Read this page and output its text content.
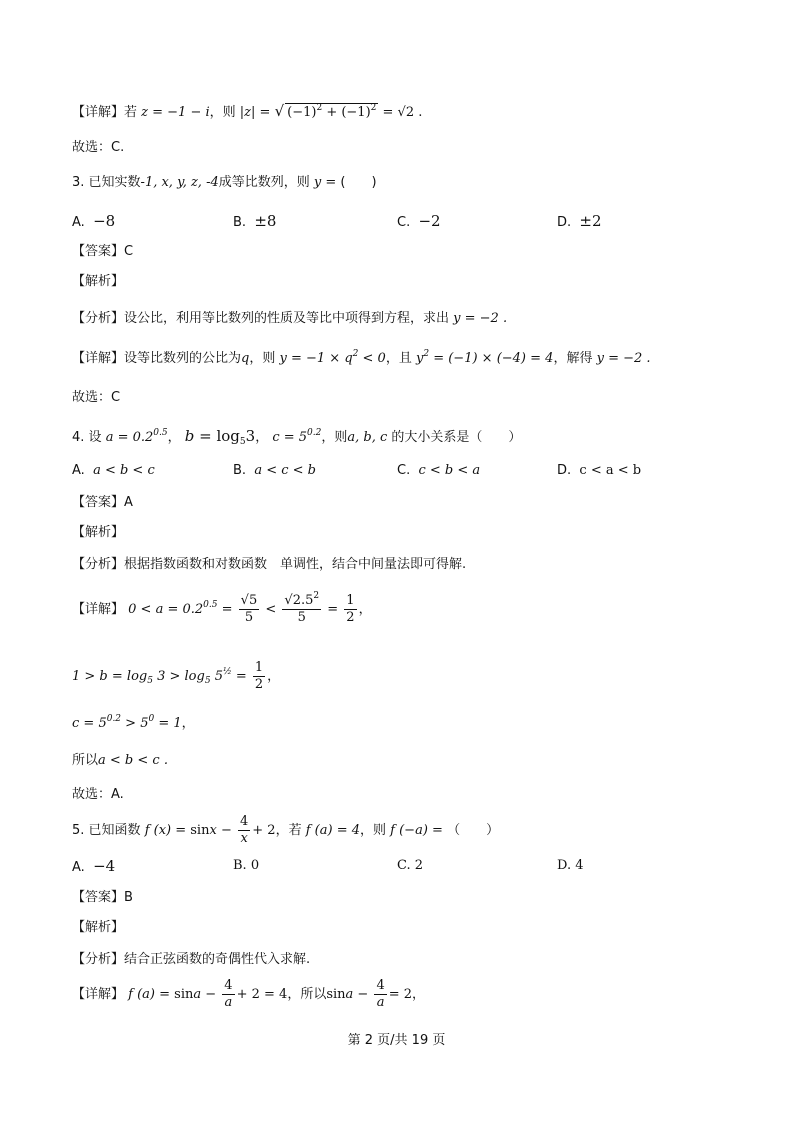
【详解】若 z = −1 − i，则 |z| = √ $(-1)^2 + (-1)^2 = √2$ .
故选：C.
3. 已知实数-1, x, y, z, -4成等比数列，则 y = (　　)
A. −8	B. ±8	C. −2	D. ±2
【答案】C
【解析】
【分析】设公比，利用等比数列的性质及等比中项得到方程，求出 y = −2 .
【详解】设等比数列的公比为q，则 $y = -1 \times q^2 < 0$，且 $y^2 = (-1) \times (-4) = 4$，解得 y = −2 .
故选：C
4. 设 $a = 0.2^{0.5}$， $b = \log_53$， $c = 5^{0.2}$，则a, b, c 的大小关系是（　　）
A. a < b < c	B. a < c < b	C. c < b < a	D. c < a < b
【答案】A
【解析】
【分析】根据指数函数和对数函数　单调性，结合中间量法即可得解.
【详解】 $0 < a = 0.2^{0.5} = \frac{√5}{5} < \frac{√2.5^2}{5} = \frac{1}{2}$ ，
$1 > b = \log_5 3 > \log_5 5^{\frac{1}{2}} = \frac{1}{2}$ ，
$c = 5^{0.2} > 5^0 = 1$，
所以a < b < c .
故选：A.
5. 已知函数 f $(x) = \sin x - \frac{4}{x} + 2$，若 f (a) = 4，则 f (−a) = （　　）
A. −4	B. 0	C. 2	D. 4
【答案】B
【解析】
【分析】结合正弦函数的奇偶性代入求解.
【详解】 f $(a) = \sin a - \frac{4}{a} + 2 = 4$，所以$\sin a - \frac{4}{a} = 2$，
第 2 页/共 19 页
